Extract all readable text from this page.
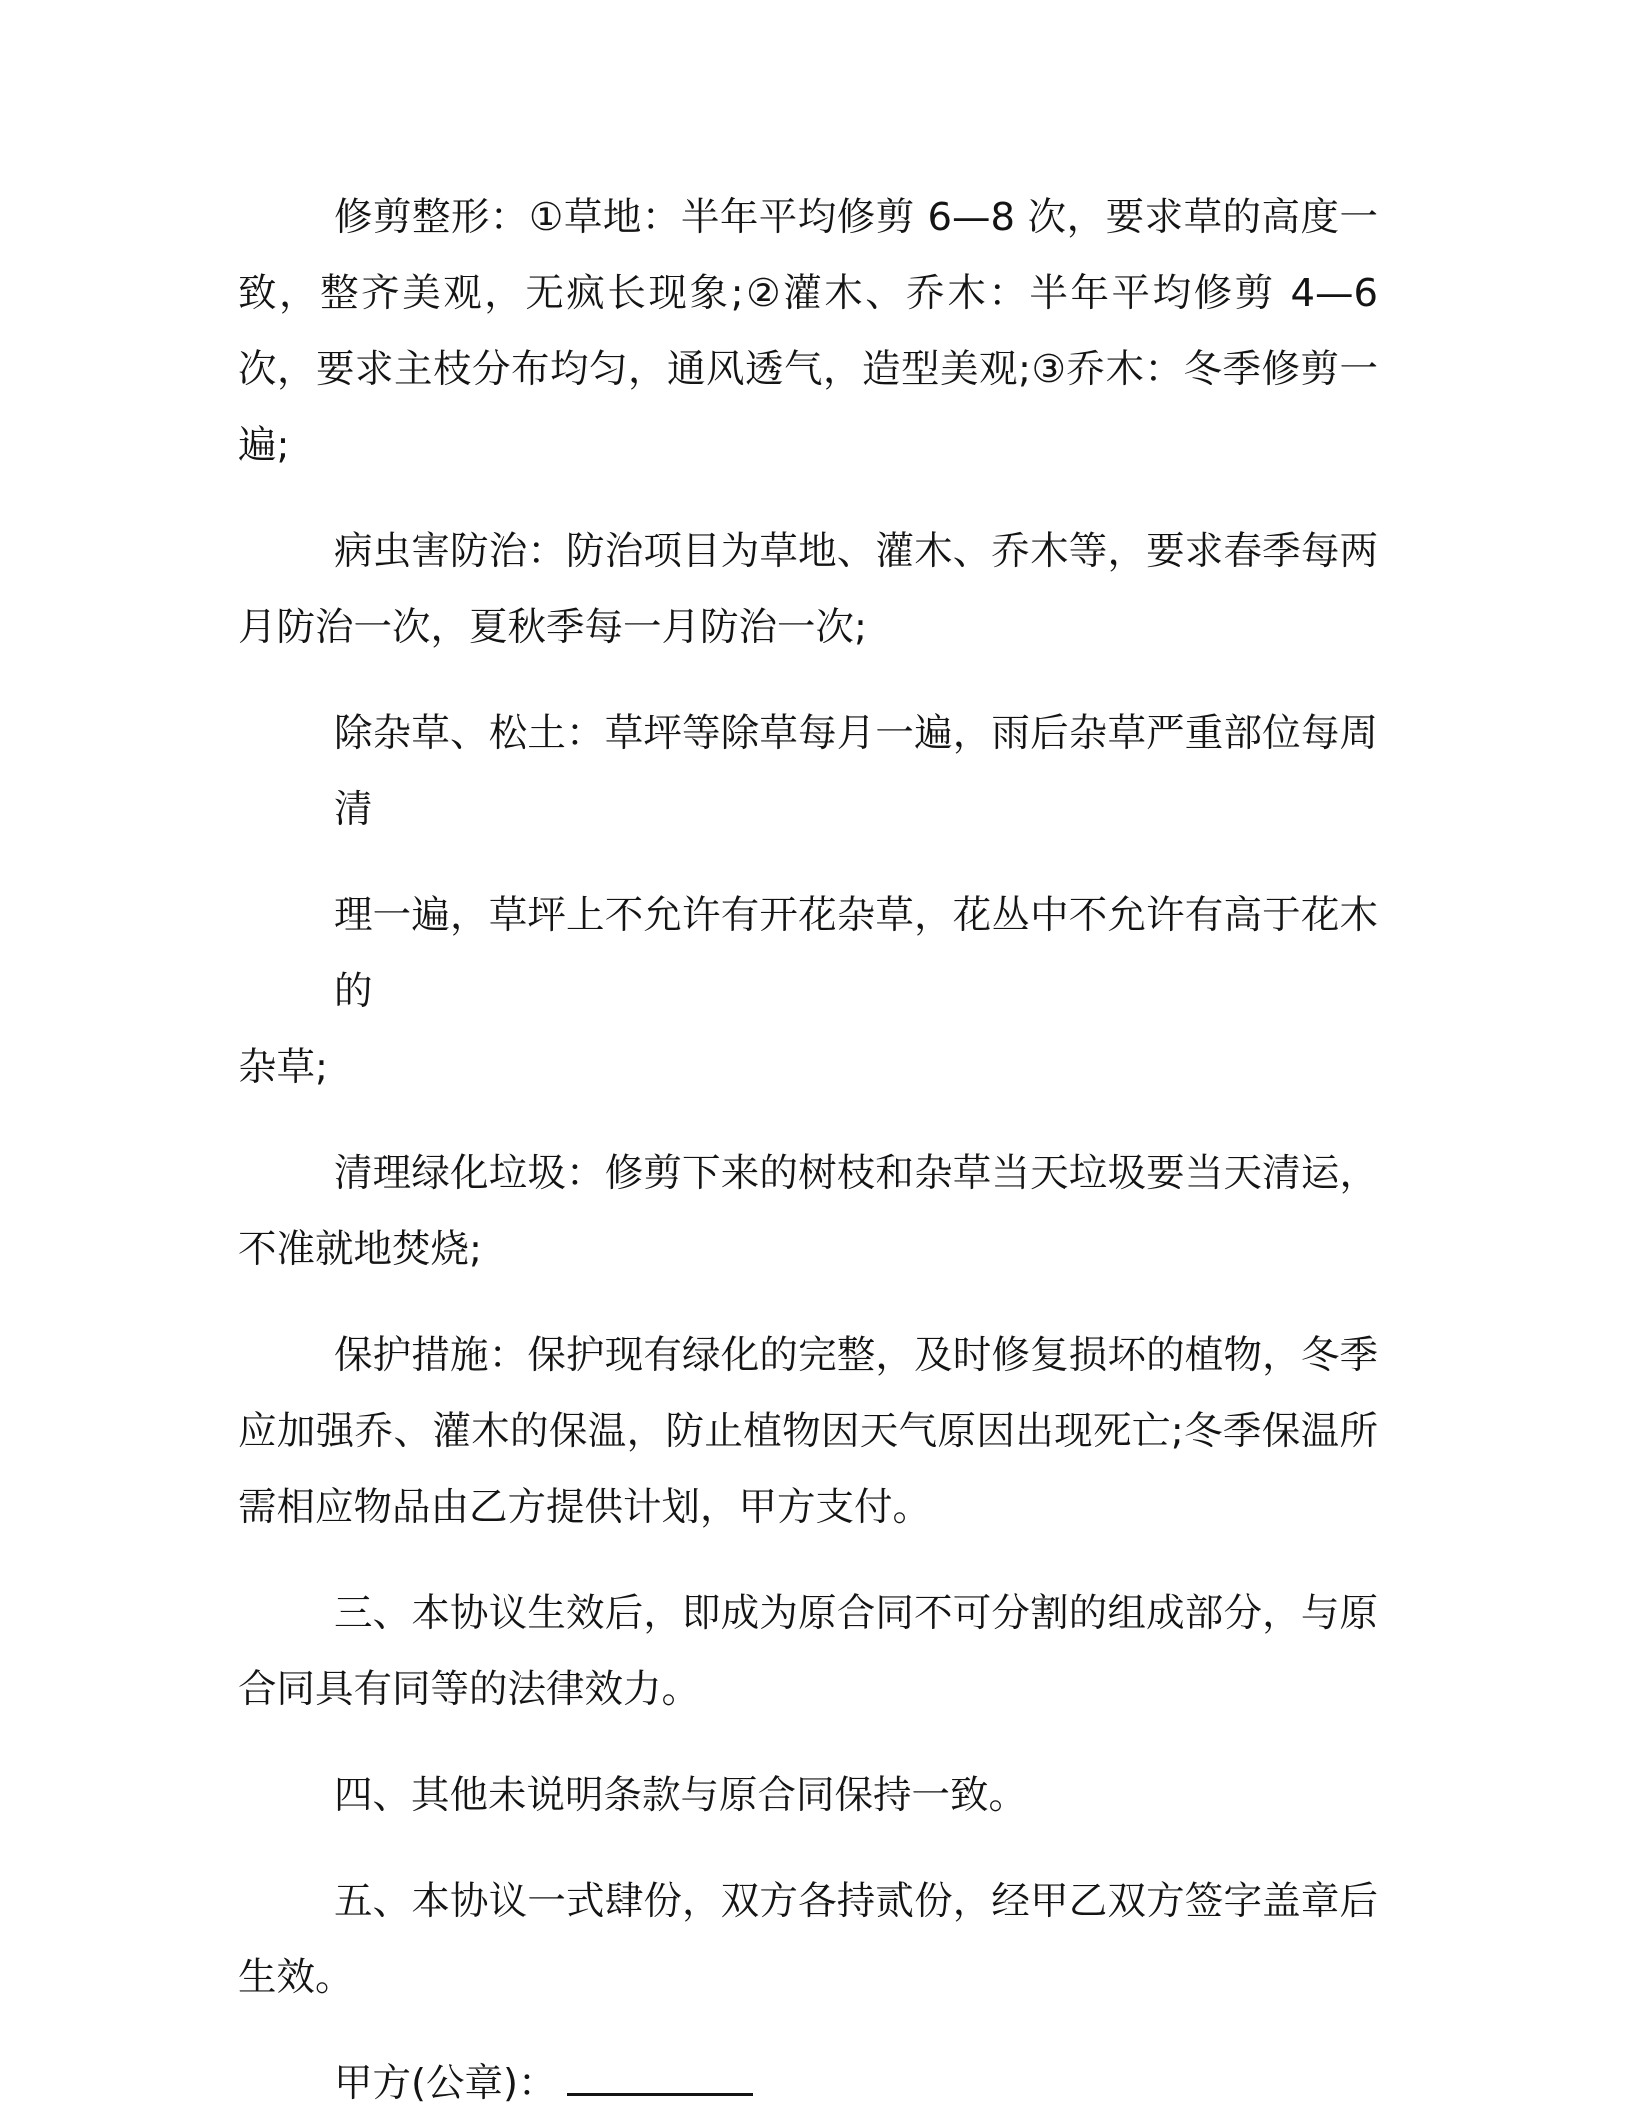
修剪整形：①草地：半年平均修剪 6—8 次，要求草的高度一致，整齐美观，无疯长现象;②灌木、乔木：半年平均修剪 4—6 次，要求主枝分布均匀，通风透气，造型美观;③乔木：冬季修剪一遍;

病虫害防治：防治项目为草地、灌木、乔木等，要求春季每两月防治一次，夏秋季每一月防治一次;

除杂草、松土：草坪等除草每月一遍，雨后杂草严重部位每周清
理一遍，草坪上不允许有开花杂草，花丛中不允许有高于花木的
杂草;

清理绿化垃圾：修剪下来的树枝和杂草当天垃圾要当天清运，不准就地焚烧;

保护措施：保护现有绿化的完整，及时修复损坏的植物，冬季应加强乔、灌木的保温，防止植物因天气原因出现死亡;冬季保温所需相应物品由乙方提供计划，甲方支付。

三、本协议生效后，即成为原合同不可分割的组成部分，与原合同具有同等的法律效力。

四、其他未说明条款与原合同保持一致。

五、本协议一式肆份，双方各持贰份，经甲乙双方签字盖章后生效。

甲方(公章)：
